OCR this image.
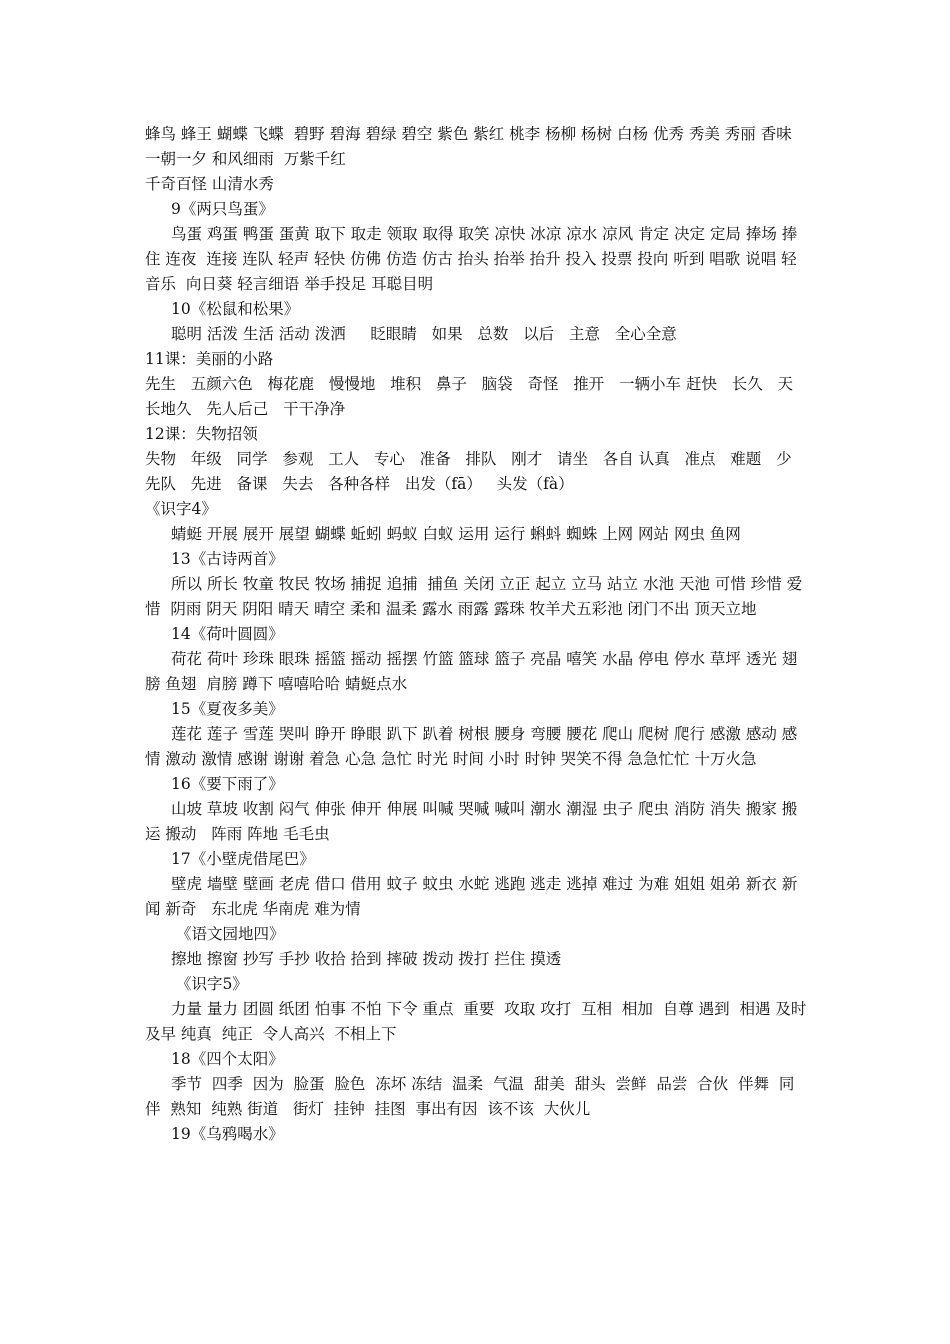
蜂鸟 蜂王 蝴蝶 飞蝶  碧野 碧海 碧绿 碧空 紫色 紫红 桃李 杨柳 杨树 白杨 优秀 秀美 秀丽 香味 一朝一夕 和风细雨  万紫千红
千奇百怪 山清水秀
9《两只鸟蛋》
鸟蛋 鸡蛋 鸭蛋 蛋黄 取下 取走 领取 取得 取笑 凉快 冰凉 凉水 凉风 肯定 决定 定局 捧场 捧住 连夜  连接 连队 轻声 轻快 仿佛 仿造 仿古 抬头 抬举 抬升 投入 投票 投向 听到 唱歌 说唱 轻音乐  向日葵 轻言细语 举手投足 耳聪目明
10《松鼠和松果》
聪明 活泼 生活 活动 泼洒     眨眼睛   如果   总数   以后   主意   全心全意
11课：美丽的小路
先生   五颜六色   梅花鹿   慢慢地   堆积   鼻子   脑袋   奇怪   推开   一辆小车 赶快   长久   天长地久   先人后己   干干净净
12课：失物招领
失物   年级   同学   参观   工人   专心   准备   排队   刚才   请坐   各自 认真   准点   难题   少先队   先进   备课   失去   各种各样   出发（fā）   头发（fà）
《识字4》
蜻蜓 开展 展开 展望 蝴蝶 蚯蚓 蚂蚁 白蚁 运用 运行 蝌蚪 蜘蛛 上网 网站 网虫 鱼网
13《古诗两首》
所以 所长 牧童 牧民 牧场 捕捉 追捕  捕鱼 关闭 立正 起立 立马 站立 水池 天池 可惜 珍惜 爱惜  阴雨 阴天 阴阳 晴天 晴空 柔和 温柔 露水 雨露 露珠 牧羊犬五彩池 闭门不出 顶天立地
14《荷叶圆圆》
荷花 荷叶 珍珠 眼珠 摇篮 摇动 摇摆 竹篮 篮球 篮子 亮晶 嘻笑 水晶 停电 停水 草坪 透光 翅膀 鱼翅  肩膀 蹲下 嘻嘻哈哈 蜻蜓点水
15《夏夜多美》
莲花 莲子 雪莲 哭叫 睁开 睁眼 趴下 趴着 树根 腰身 弯腰 腰花 爬山 爬树 爬行 感激 感动 感情 激动 激情 感谢 谢谢 着急 心急 急忙 时光 时间 小时 时钟 哭笑不得 急急忙忙 十万火急
16《要下雨了》
山坡 草坡 收割 闷气 伸张 伸开 伸展 叫喊 哭喊 喊叫 潮水 潮湿 虫子 爬虫 消防 消失 搬家 搬运 搬动   阵雨 阵地 毛毛虫
17《小壁虎借尾巴》
壁虎 墙壁 壁画 老虎 借口 借用 蚊子 蚊虫 水蛇 逃跑 逃走 逃掉 难过 为难 姐姐 姐弟 新衣 新闻 新奇   东北虎 华南虎 难为情
《语文园地四》
擦地 擦窗 抄写 手抄 收拾 拾到 摔破 拨动 拨打 拦住 摸透
《识字5》
力量 量力 团圆 纸团 怕事 不怕 下令 重点  重要  攻取 攻打  互相  相加  自尊 遇到  相遇 及时 及早 纯真  纯正  令人高兴  不相上下
18《四个太阳》
季节  四季  因为  脸蛋  脸色  冻坏 冻结  温柔  气温  甜美  甜头  尝鲜  品尝  合伙  伴舞  同伴  熟知  纯熟 街道   街灯  挂钟  挂图  事出有因  该不该  大伙儿
19《乌鸦喝水》
